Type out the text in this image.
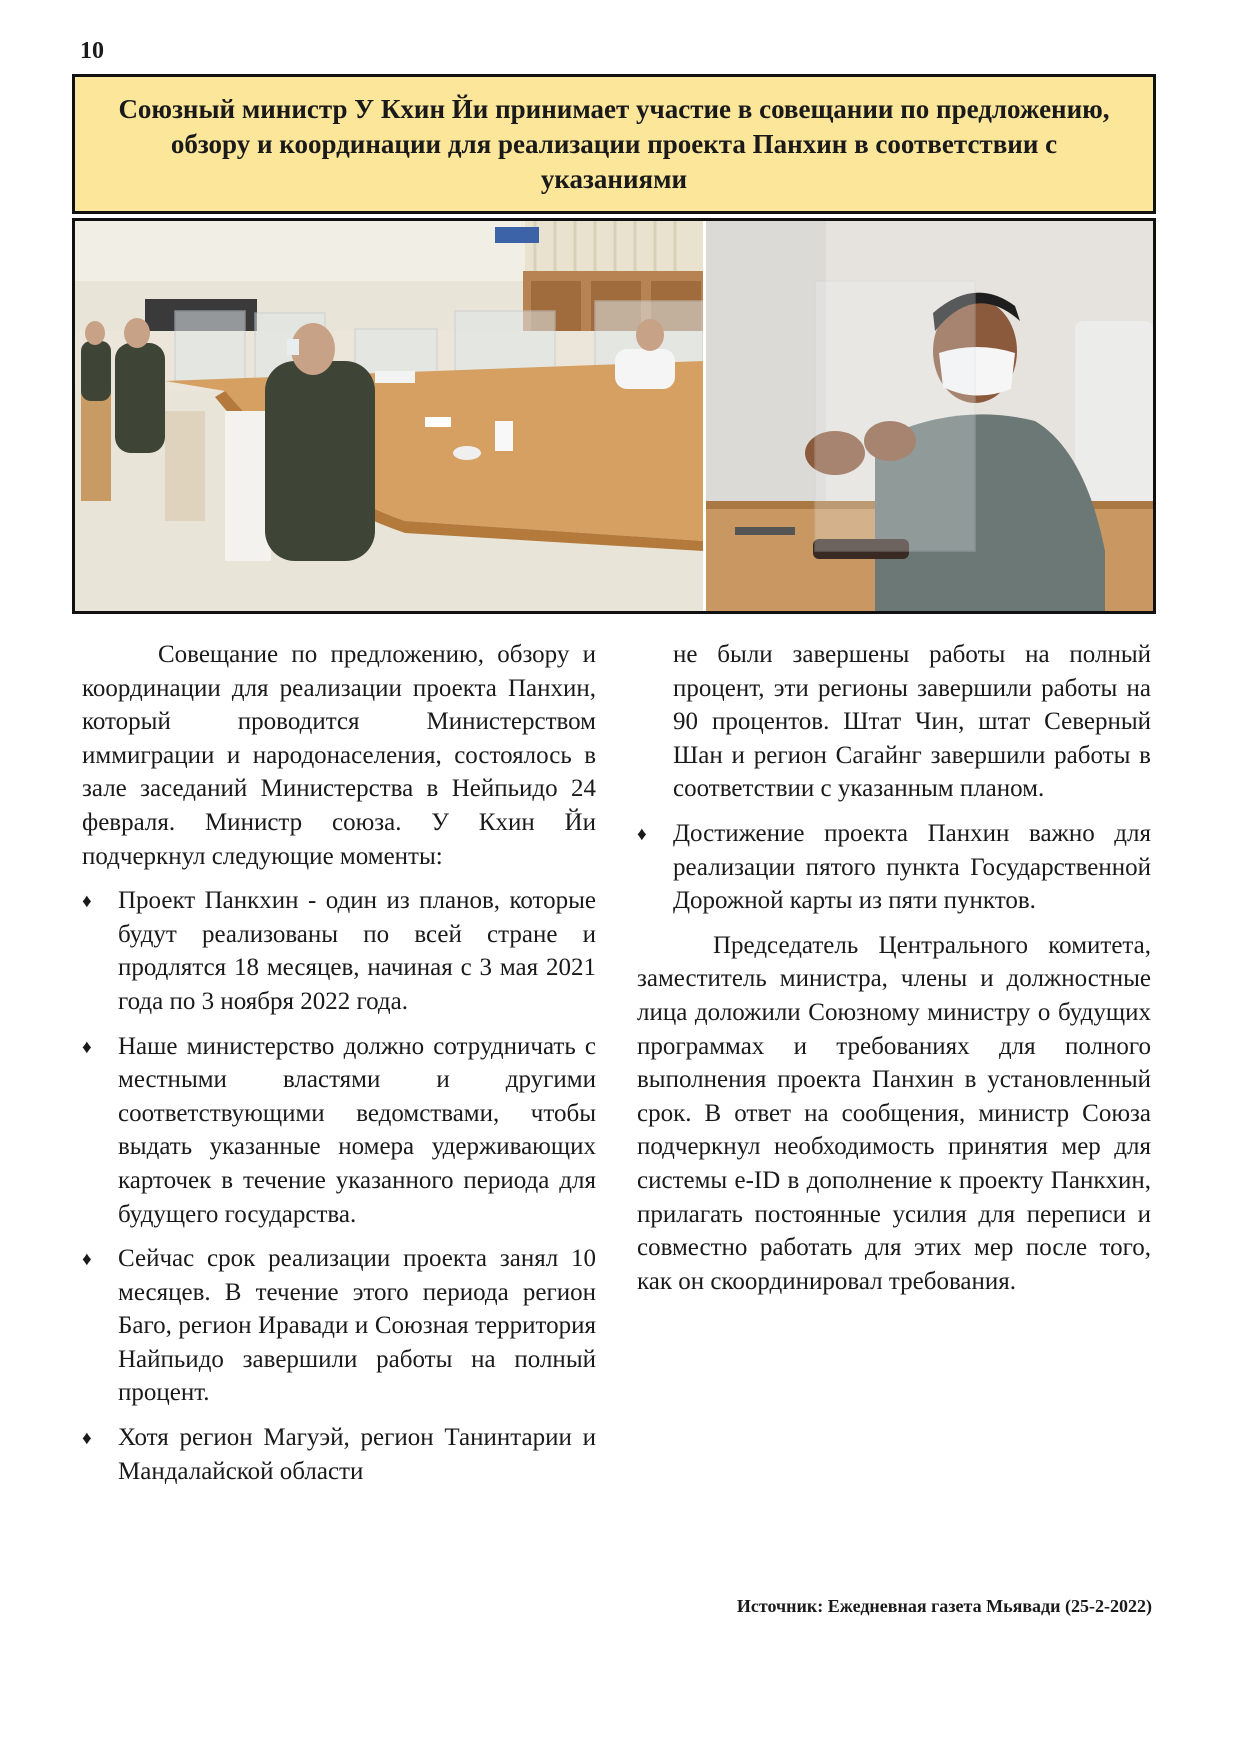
10
Союзный министр У Кхин Йи принимает участие в совещании по предложению, обзору и координации для реализации проекта Панхин в соответствии с указаниями

Совещание по предложению, обзору и координации для реализации проекта Панхин, который проводится Министерством иммиграции и народонаселения, состоялось в зале заседаний Министерства в Нейпьидо 24 февраля. Министр союза. У Кхин Йи подчеркнул следующие моменты:

♦ Проект Панкхин - один из планов, которые будут реализованы по всей стране и продлятся 18 месяцев, начиная с 3 мая 2021 года по 3 ноября 2022 года.

♦ Наше министерство должно сотрудничать с местными властями и другими соответствующими ведомствами, чтобы выдать указанные номера удерживающих карточек в течение указанного периода для будущего государства.

♦ Сейчас срок реализации проекта занял 10 месяцев. В течение этого периода регион Баго, регион Иравади и Союзная территория Найпьидо завершили работы на полный процент.

♦ Хотя регион Магуэй, регион Танинтарии и Мандалайской области

не были завершены работы на полный процент, эти регионы завершили работы на 90 процентов. Штат Чин, штат Северный Шан и регион Сагайнг завершили работы в соответствии с указанным планом.

♦ Достижение проекта Панхин важно для реализации пятого пункта Государственной Дорожной карты из пяти пунктов.

Председатель Центрального комитета, заместитель министра, члены и должностные лица доложили Союзному министру о будущих программах и требованиях для полного выполнения проекта Панхин в установленный срок. В ответ на сообщения, министр Союза подчеркнул необходимость принятия мер для системы e-ID в дополнение к проекту Панкхин, прилагать постоянные усилия для переписи и совместно работать для этих мер после того, как он скоординировал требования.

Источник: Ежедневная газета Мьявади (25-2-2022)
